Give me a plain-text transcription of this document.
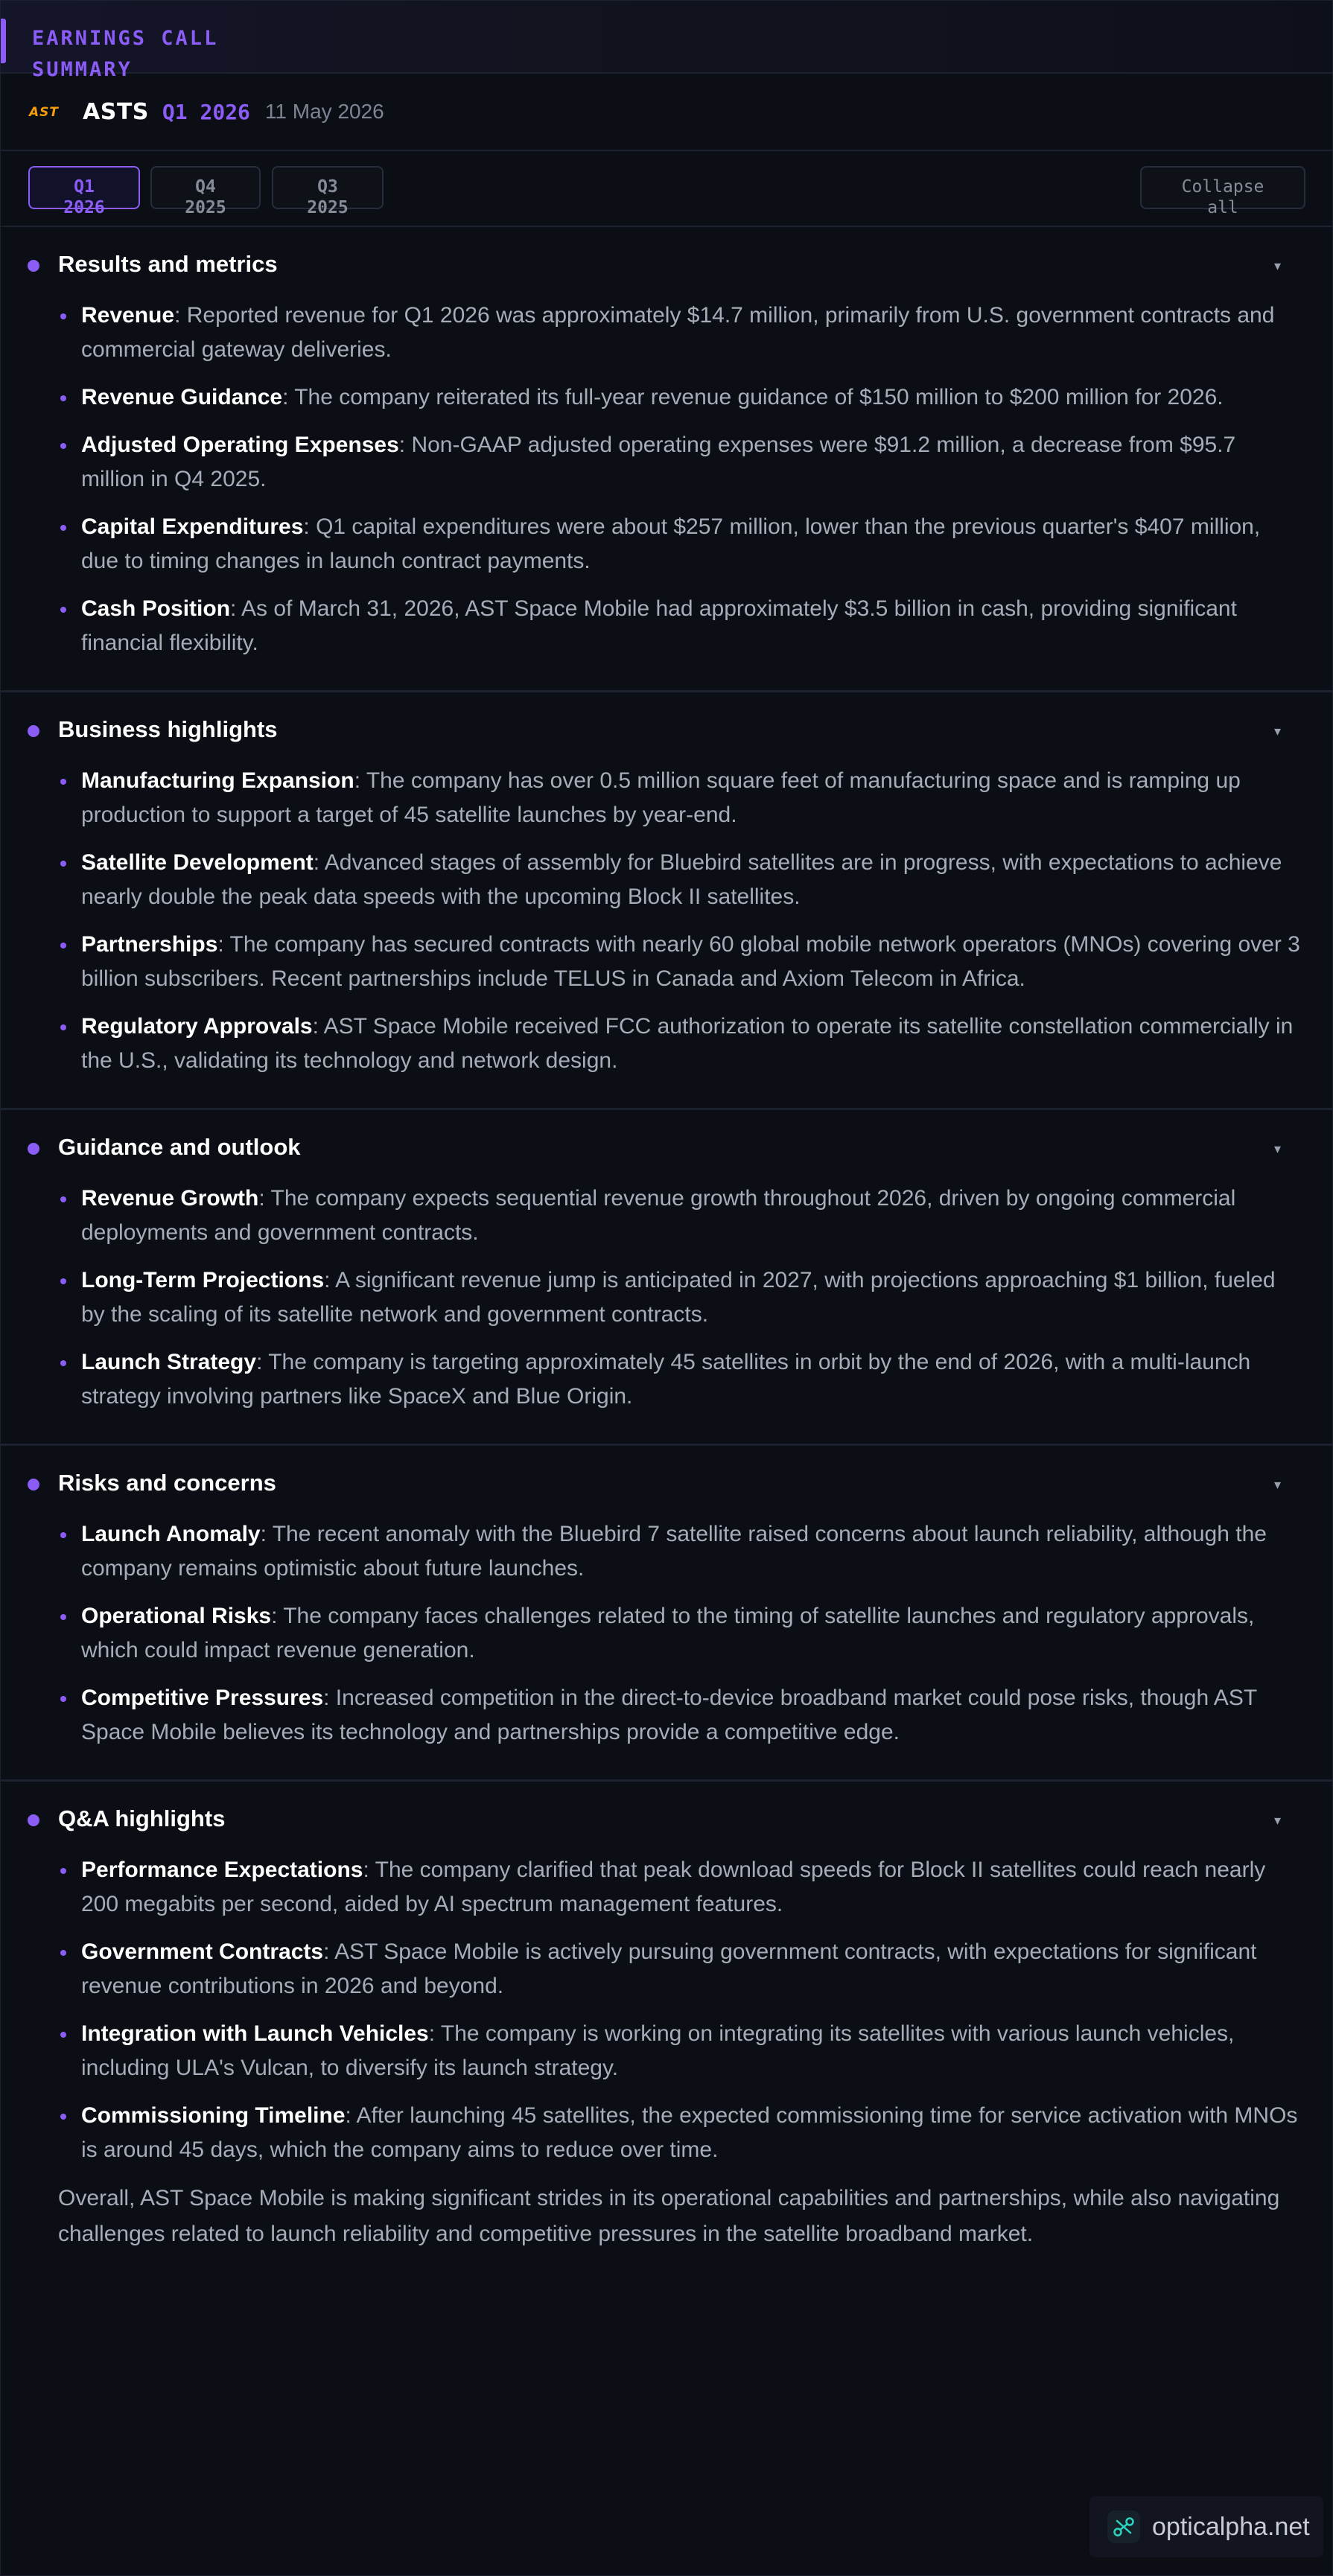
EARNINGS CALL SUMMARY
AST ASTS Q1 2026 11 May 2026
Q1
2026
Q4
2025
Q3
2025
Collapse
all
Results and metrics	▾
Revenue: Reported revenue for Q1 2026 was approximately $14.7 million, primarily from U.S. government contracts and commercial gateway deliveries.
Revenue Guidance: The company reiterated its full-year revenue guidance of $150 million to $200 million for 2026.
Adjusted Operating Expenses: Non-GAAP adjusted operating expenses were $91.2 million, a decrease from $95.7 million in Q4 2025.
Capital Expenditures: Q1 capital expenditures were about $257 million, lower than the previous quarter's $407 million, due to timing changes in launch contract payments.
Cash Position: As of March 31, 2026, AST Space Mobile had approximately $3.5 billion in cash, providing significant financial flexibility.
Business highlights	▾
Manufacturing Expansion: The company has over 0.5 million square feet of manufacturing space and is ramping up production to support a target of 45 satellite launches by year-end.
Satellite Development: Advanced stages of assembly for Bluebird satellites are in progress, with expectations to achieve nearly double the peak data speeds with the upcoming Block II satellites.
Partnerships: The company has secured contracts with nearly 60 global mobile network operators (MNOs) covering over 3 billion subscribers. Recent partnerships include TELUS in Canada and Axiom Telecom in Africa.
Regulatory Approvals: AST Space Mobile received FCC authorization to operate its satellite constellation commercially in the U.S., validating its technology and network design.
Guidance and outlook	▾
Revenue Growth: The company expects sequential revenue growth throughout 2026, driven by ongoing commercial deployments and government contracts.
Long-Term Projections: A significant revenue jump is anticipated in 2027, with projections approaching $1 billion, fueled by the scaling of its satellite network and government contracts.
Launch Strategy: The company is targeting approximately 45 satellites in orbit by the end of 2026, with a multi-launch strategy involving partners like SpaceX and Blue Origin.
Risks and concerns	▾
Launch Anomaly: The recent anomaly with the Bluebird 7 satellite raised concerns about launch reliability, although the company remains optimistic about future launches.
Operational Risks: The company faces challenges related to the timing of satellite launches and regulatory approvals, which could impact revenue generation.
Competitive Pressures: Increased competition in the direct-to-device broadband market could pose risks, though AST Space Mobile believes its technology and partnerships provide a competitive edge.
Q&A highlights	▾
Performance Expectations: The company clarified that peak download speeds for Block II satellites could reach nearly 200 megabits per second, aided by AI spectrum management features.
Government Contracts: AST Space Mobile is actively pursuing government contracts, with expectations for significant revenue contributions in 2026 and beyond.
Integration with Launch Vehicles: The company is working on integrating its satellites with various launch vehicles, including ULA's Vulcan, to diversify its launch strategy.
Commissioning Timeline: After launching 45 satellites, the expected commissioning time for service activation with MNOs is around 45 days, which the company aims to reduce over time.
Overall, AST Space Mobile is making significant strides in its operational capabilities and partnerships, while also navigating challenges related to launch reliability and competitive pressures in the satellite broadband market.
opticalpha.net
